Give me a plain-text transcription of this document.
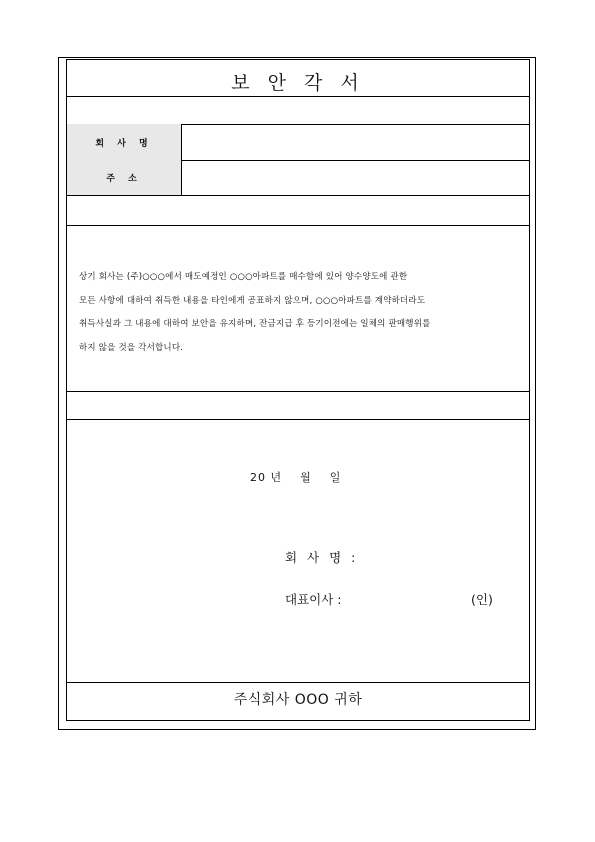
보 안 각 서
회 사 명
주 소
상기 회사는 (주)○○○에서 매도예정인 ○○○아파트를 매수함에 있어 양수양도에 관한
모든 사항에 대하여 취득한 내용을 타인에게 공표하지 않으며, ○○○아파트를 계약하더라도
취득사실과 그 내용에 대하여 보안을 유지하며, 잔금지급 후 등기이전에는 일체의 판매행위를
하지 않을 것을 각서합니다.
20 년    월    일
회 사 명 :
대표이사 :	(인)
주식회사 OOO 귀하
